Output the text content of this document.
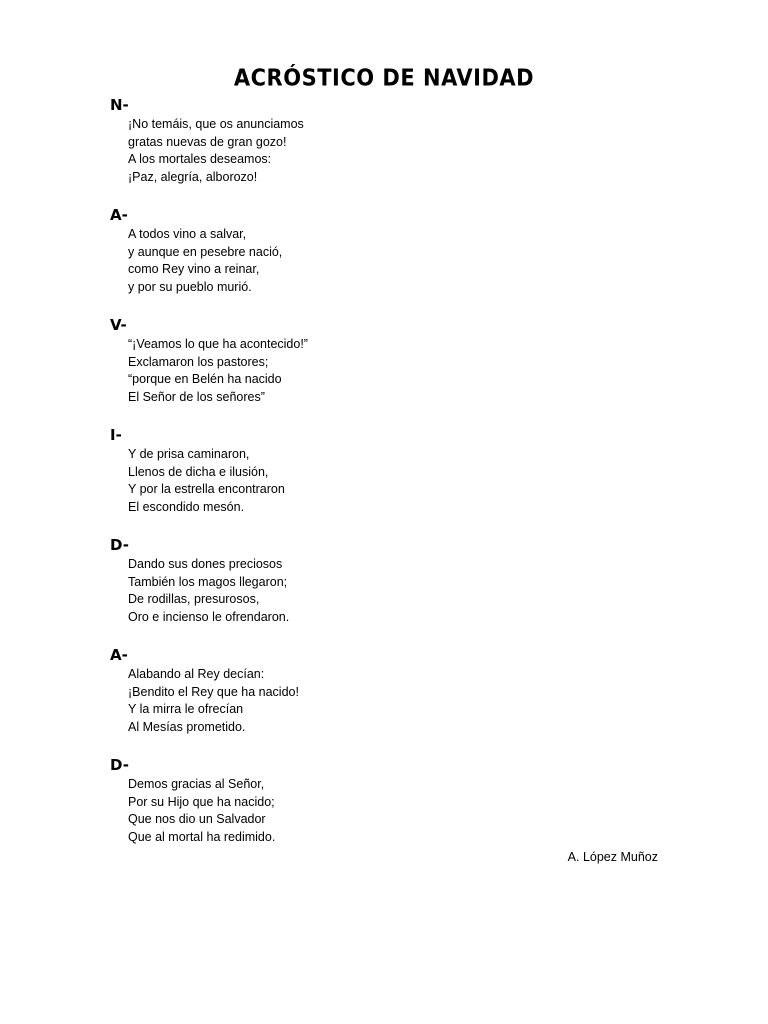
ACRÓSTICO DE NAVIDAD
N-
¡No temáis, que os anunciamos
gratas nuevas de gran gozo!
A los mortales deseamos:
¡Paz, alegría, alborozo!
A-
A todos vino a salvar,
y aunque en pesebre nació,
como Rey vino a reinar,
y por su pueblo murió.
V-
“¡Veamos lo que ha acontecido!”
Exclamaron los pastores;
“porque en Belén ha nacido
El Señor de los señores”
I-
Y de prisa caminaron,
Llenos de dicha e ilusión,
Y por la estrella encontraron
El escondido mesón.
D-
Dando sus dones preciosos
También los magos llegaron;
De rodillas, presurosos,
Oro e incienso le ofrendaron.
A-
Alabando al Rey decían:
¡Bendito el Rey que ha nacido!
Y la mirra le ofrecían
Al Mesías prometido.
D-
Demos gracias al Señor,
Por su Hijo que ha nacido;
Que nos dio un Salvador
Que al mortal ha redimido.
A. López Muñoz
